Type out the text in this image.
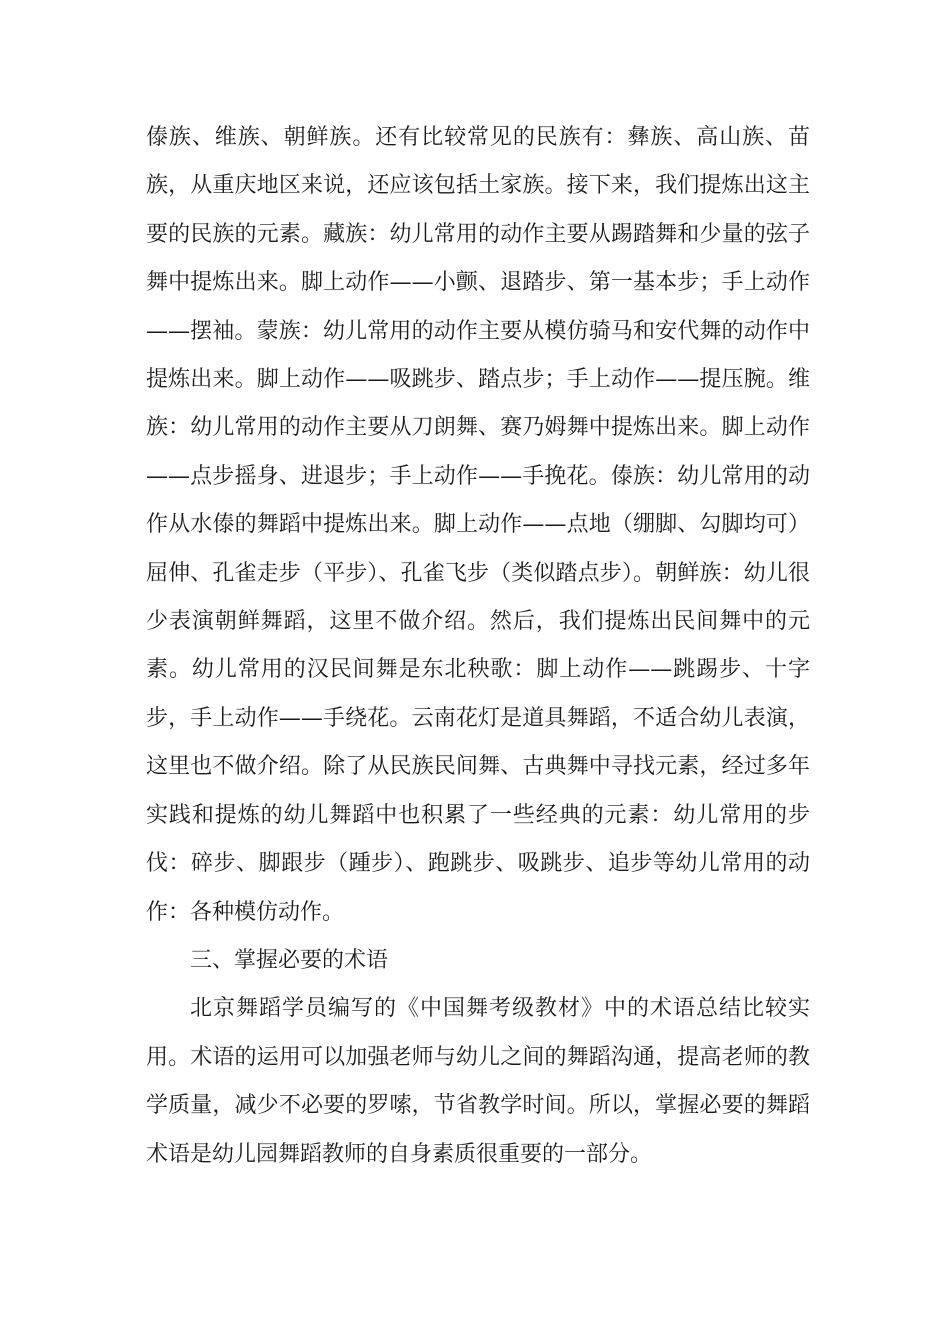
傣族、维族、朝鲜族。还有比较常见的民族有：彝族、高山族、苗族，从重庆地区来说，还应该包括土家族。接下来，我们提炼出这主要的民族的元素。藏族：幼儿常用的动作主要从踢踏舞和少量的弦子舞中提炼出来。脚上动作——小颤、退踏步、第一基本步；手上动作——摆袖。蒙族：幼儿常用的动作主要从模仿骑马和安代舞的动作中提炼出来。脚上动作——吸跳步、踏点步；手上动作——提压腕。维族：幼儿常用的动作主要从刀朗舞、赛乃姆舞中提炼出来。脚上动作——点步摇身、进退步；手上动作——手挽花。傣族：幼儿常用的动作从水傣的舞蹈中提炼出来。脚上动作——点地（绷脚、勾脚均可）屈伸、孔雀走步（平步）、孔雀飞步（类似踏点步）。朝鲜族：幼儿很少表演朝鲜舞蹈，这里不做介绍。然后，我们提炼出民间舞中的元素。幼儿常用的汉民间舞是东北秧歌：脚上动作——跳踢步、十字步，手上动作——手绕花。云南花灯是道具舞蹈，不适合幼儿表演，这里也不做介绍。除了从民族民间舞、古典舞中寻找元素，经过多年实践和提炼的幼儿舞蹈中也积累了一些经典的元素：幼儿常用的步伐：碎步、脚跟步（踵步）、跑跳步、吸跳步、追步等幼儿常用的动作：各种模仿动作。

三、掌握必要的术语

北京舞蹈学员编写的《中国舞考级教材》中的术语总结比较实用。术语的运用可以加强老师与幼儿之间的舞蹈沟通，提高老师的教学质量，减少不必要的罗嗦，节省教学时间。所以，掌握必要的舞蹈术语是幼儿园舞蹈教师的自身素质很重要的一部分。
